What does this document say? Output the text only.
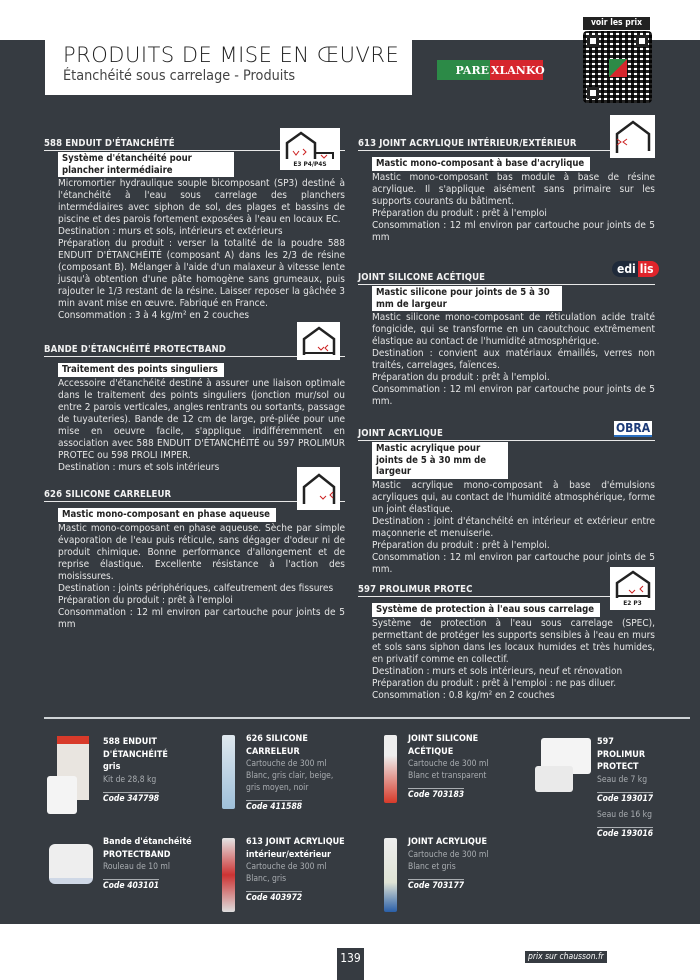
PRODUITS DE MISE EN ŒUVRE
Étanchéité sous carrelage - Produits	PARE XLANKO
voir les prix
588 ENDUIT D'ÉTANCHÉITÉ
Système d'étanchéité pour plancher intermédiaire

Micromortier hydraulique souple bicomposant (SP3) destiné à l'étanchéité à l'eau sous carrelage des planchers intermédiaires avec siphon de sol, des plages et bassins de piscine et des parois fortement exposées à l'eau en locaux EC.

Destination : murs et sols, intérieurs et extérieurs

Préparation du produit : verser la totalité de la poudre 588 ENDUIT D'ÉTANCHÉITÉ (composant A) dans les 2/3 de résine (composant B). Mélanger à l'aide d'un malaxeur à vitesse lente jusqu'à obtention d'une pâte homogène sans grumeaux, puis rajouter le 1/3 restant de la résine. Laisser reposer la gâchée 3 min avant mise en œuvre. Fabriqué en France.

Consommation : 3 à 4 kg/m² en 2 couches

E3 P4/P4S
BANDE D'ÉTANCHÉITÉ PROTECTBAND
Traitement des points singuliers

Accessoire d'étanchéité destiné à assurer une liaison optimale dans le traitement des points singuliers (jonction mur/sol ou entre 2 parois verticales, angles rentrants ou sortants, passage de tuyauteries). Bande de 12 cm de large, pré-pliée pour une mise en oeuvre facile, s'applique indifféremment en association avec 588 ENDUIT D'ÉTANCHÉITÉ ou 597 PROLIMUR PROTEC ou 598 PROLI IMPER.

Destination : murs et sols intérieurs

626 SILICONE CARRELEUR
Mastic mono-composant en phase aqueuse

Mastic mono-composant en phase aqueuse. Sèche par simple évaporation de l'eau puis réticule, sans dégager d'odeur ni de produit chimique. Bonne performance d'allongement et de reprise élastique. Excellente résistance à l'action des moisissures.

Destination : joints périphériques, calfeutrement des fissures

Préparation du produit : prêt à l'emploi

Consommation : 12 ml environ par cartouche pour joints de 5 mm

613 JOINT ACRYLIQUE INTÉRIEUR/EXTÉRIEUR
Mastic mono-composant à base d'acrylique

Mastic mono-composant bas module à base de résine acrylique. Il s'applique aisément sans primaire sur les supports courants du bâtiment.

Préparation du produit : prêt à l'emploi

Consommation : 12 ml environ par cartouche pour joints de 5 mm

JOINT SILICONE ACÉTIQUE
Mastic silicone pour joints de 5 à 30 mm de largeur

Mastic silicone mono-composant de réticulation acide traité fongicide, qui se transforme en un caoutchouc extrêmement élastique au contact de l'humidité atmosphérique.

Destination : convient aux matériaux émaillés, verres non traités, carrelages, faïences.

Préparation du produit : prêt à l'emploi.

Consommation : 12 ml environ par cartouche pour joints de 5 mm.

edi lis
JOINT ACRYLIQUE
Mastic acrylique pour joints de 5 à 30 mm de largeur

Mastic acrylique mono-composant à base d'émulsions acryliques qui, au contact de l'humidité atmosphérique, forme un joint élastique.

Destination : joint d'étanchéité en intérieur et extérieur entre maçonnerie et menuiserie.

Préparation du produit : prêt à l'emploi.

Consommation : 12 ml environ par cartouche pour joints de 5 mm.

OBRA
597 PROLIMUR PROTEC
Système de protection à l'eau sous carrelage

Système de protection à l'eau sous carrelage (SPEC), permettant de protéger les supports sensibles à l'eau en murs et sols sans siphon dans les locaux humides et très humides, en privatif comme en collectif.

Destination : murs et sols intérieurs, neuf et rénovation

Préparation du produit : prêt à l'emploi : ne pas diluer.

Consommation : 0.8 kg/m² en 2 couches

E2 P3
588 ENDUIT D'ÉTANCHÉITÉ gris
Kit de 28,8 kg
Code 347798
626 SILICONE CARRELEUR
Cartouche de 300 ml
Blanc, gris clair, beige, gris moyen, noir
Code 411588
JOINT SILICONE ACÉTIQUE
Cartouche de 300 ml
Blanc et transparent
Code 703183
597 PROLIMUR PROTECT
Seau de 7 kg
Code 193017
Seau de 16 kg
Code 193016
Bande d'étanchéité PROTECTBAND
Rouleau de 10 ml
Code 403101
613 JOINT ACRYLIQUE intérieur/extérieur
Cartouche de 300 ml
Blanc, gris
Code 403972
JOINT ACRYLIQUE
Cartouche de 300 ml
Blanc et gris
Code 703177
139	prix sur chausson.fr
